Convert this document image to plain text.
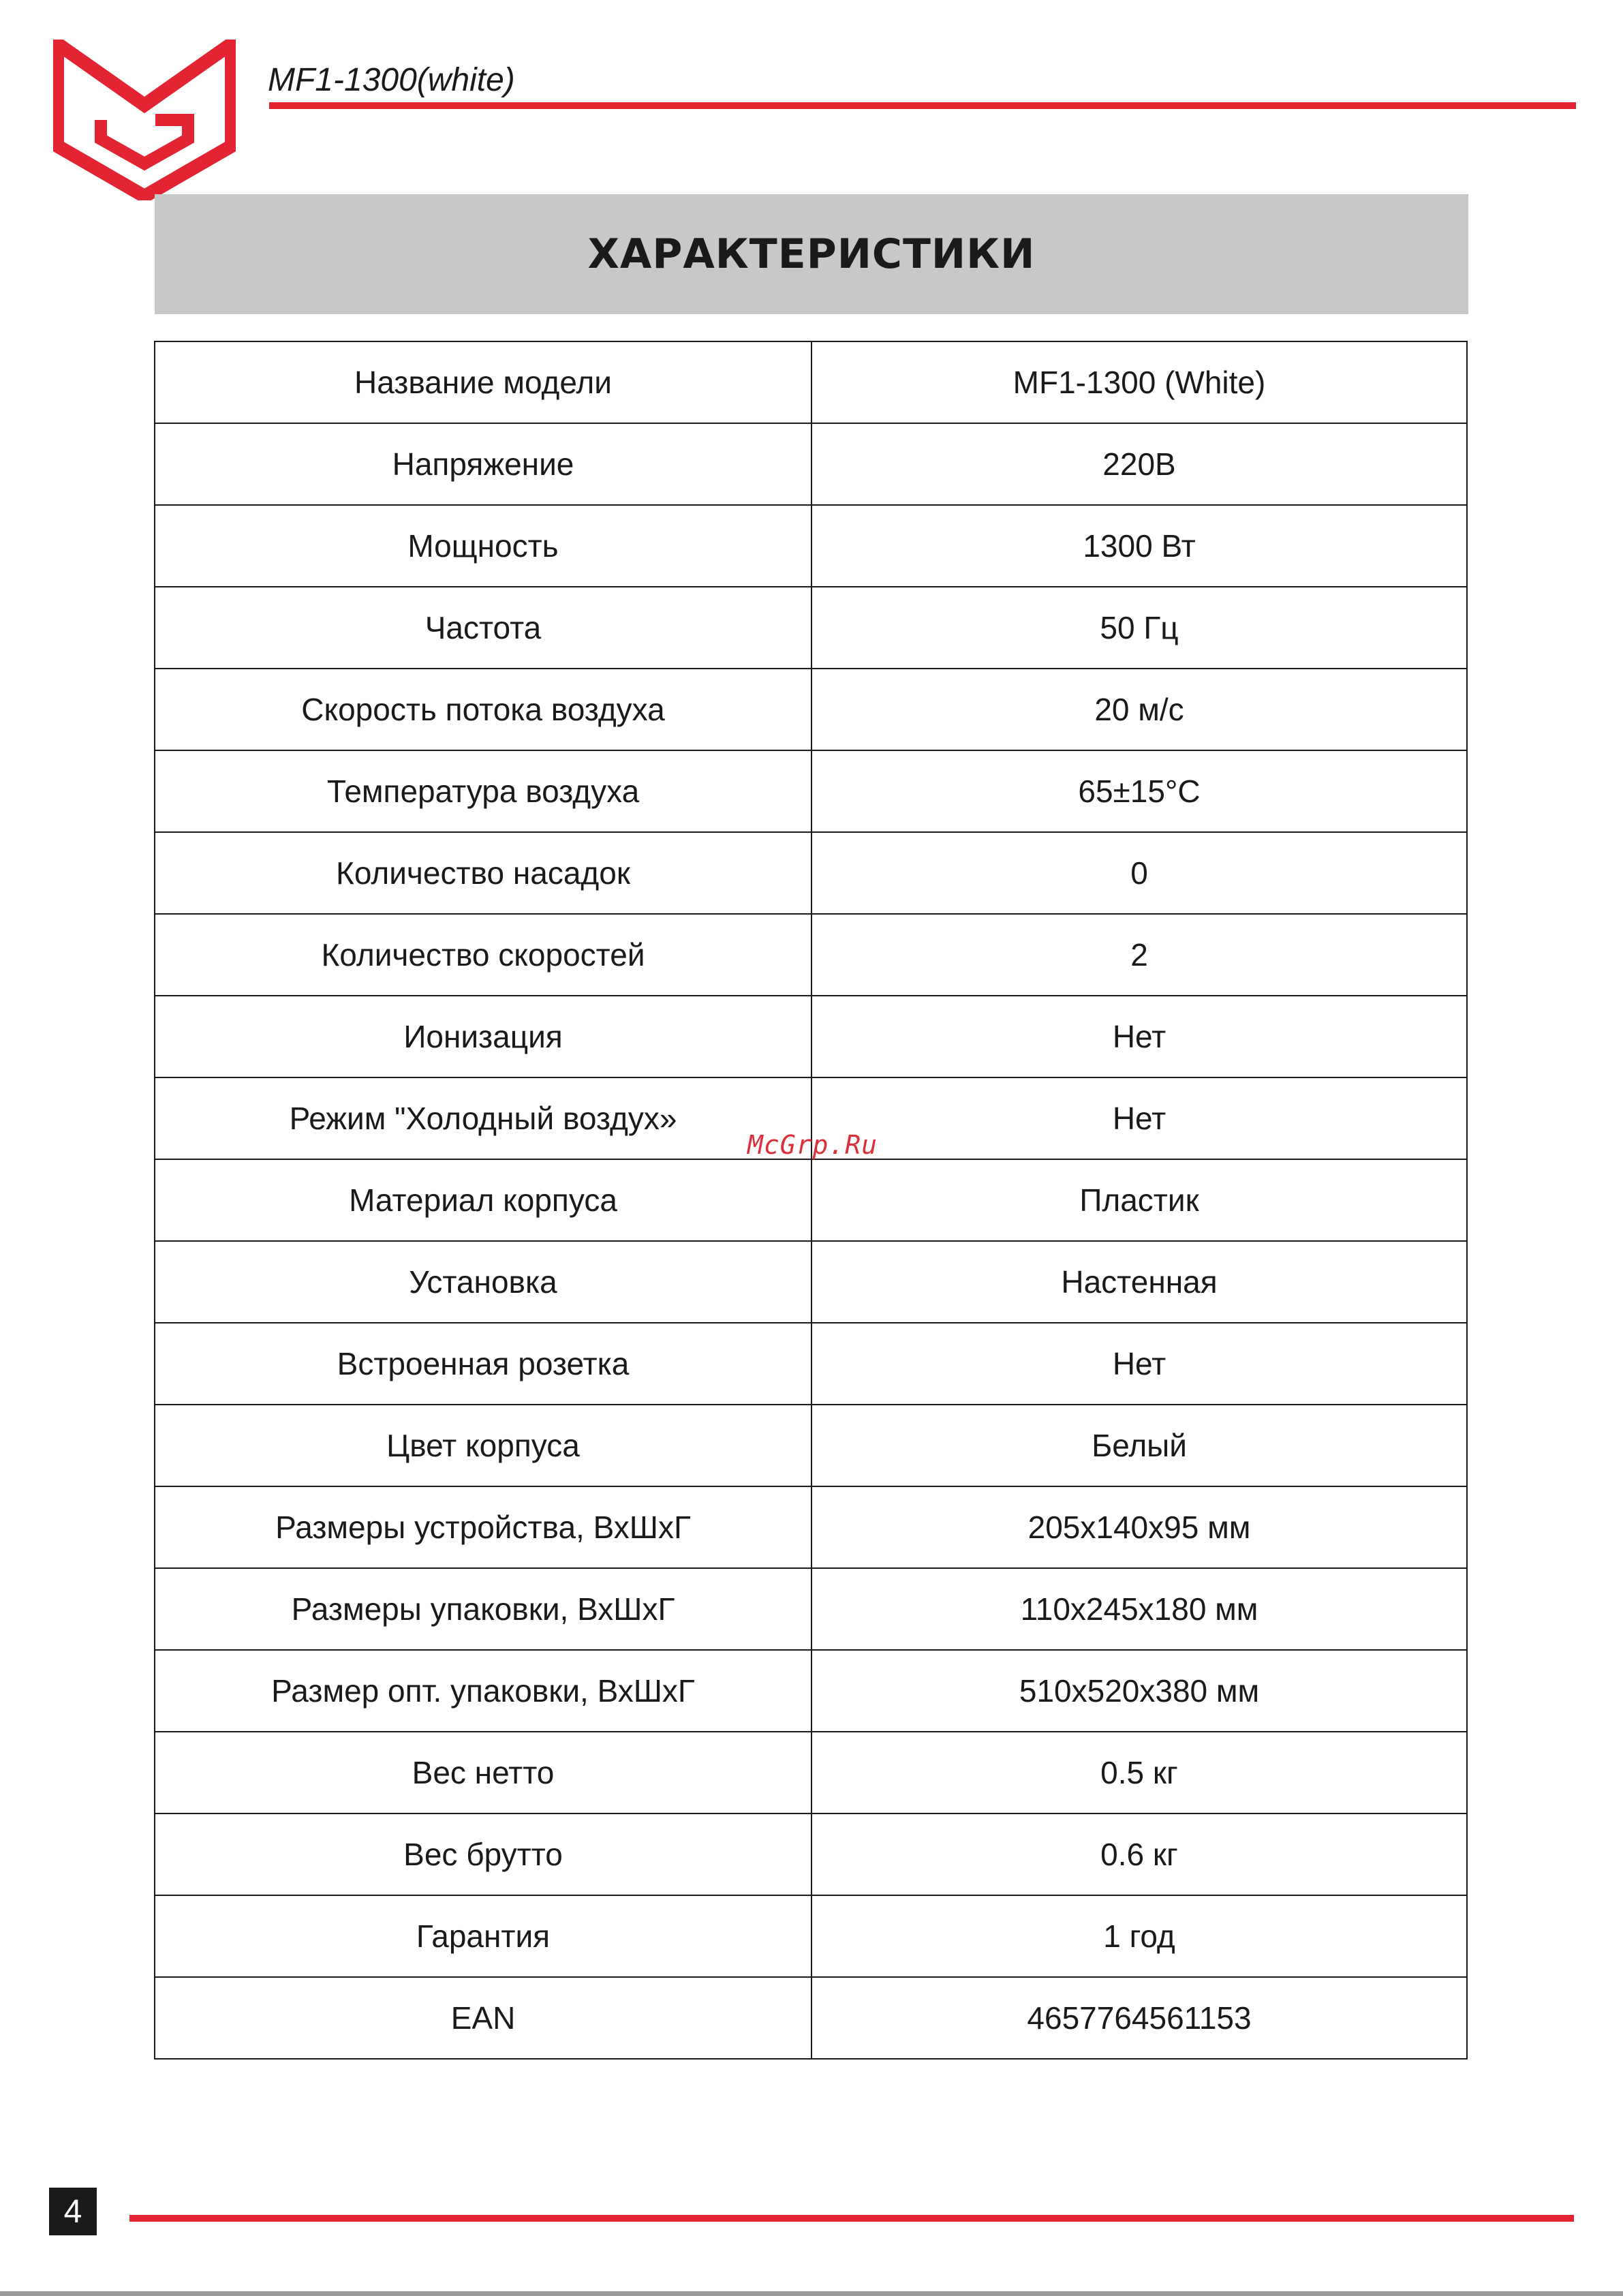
MF1-1300(white)
ХАРАКТЕРИСТИКИ
Название модели	MF1-1300 (White)
Напряжение	220В
Мощность	1300 Вт
Частота	50 Гц
Скорость потока воздуха	20 м/с
Температура воздуха	65±15°C
Количество насадок	0
Количество скоростей	2
Ионизация	Нет
Режим "Холодный воздух»	Нет
Материал корпуса	Пластик
Установка	Настенная
Встроенная розетка	Нет
Цвет корпуса	Белый
Размеры устройства, ВхШхГ	205x140x95 мм
Размеры упаковки, ВхШхГ	110x245x180 мм
Размер опт. упаковки, ВхШхГ	510x520x380 мм
Вес нетто	0.5 кг
Вес брутто	0.6 кг
Гарантия	1 год
EAN	4657764561153
McGrp.Ru
4
